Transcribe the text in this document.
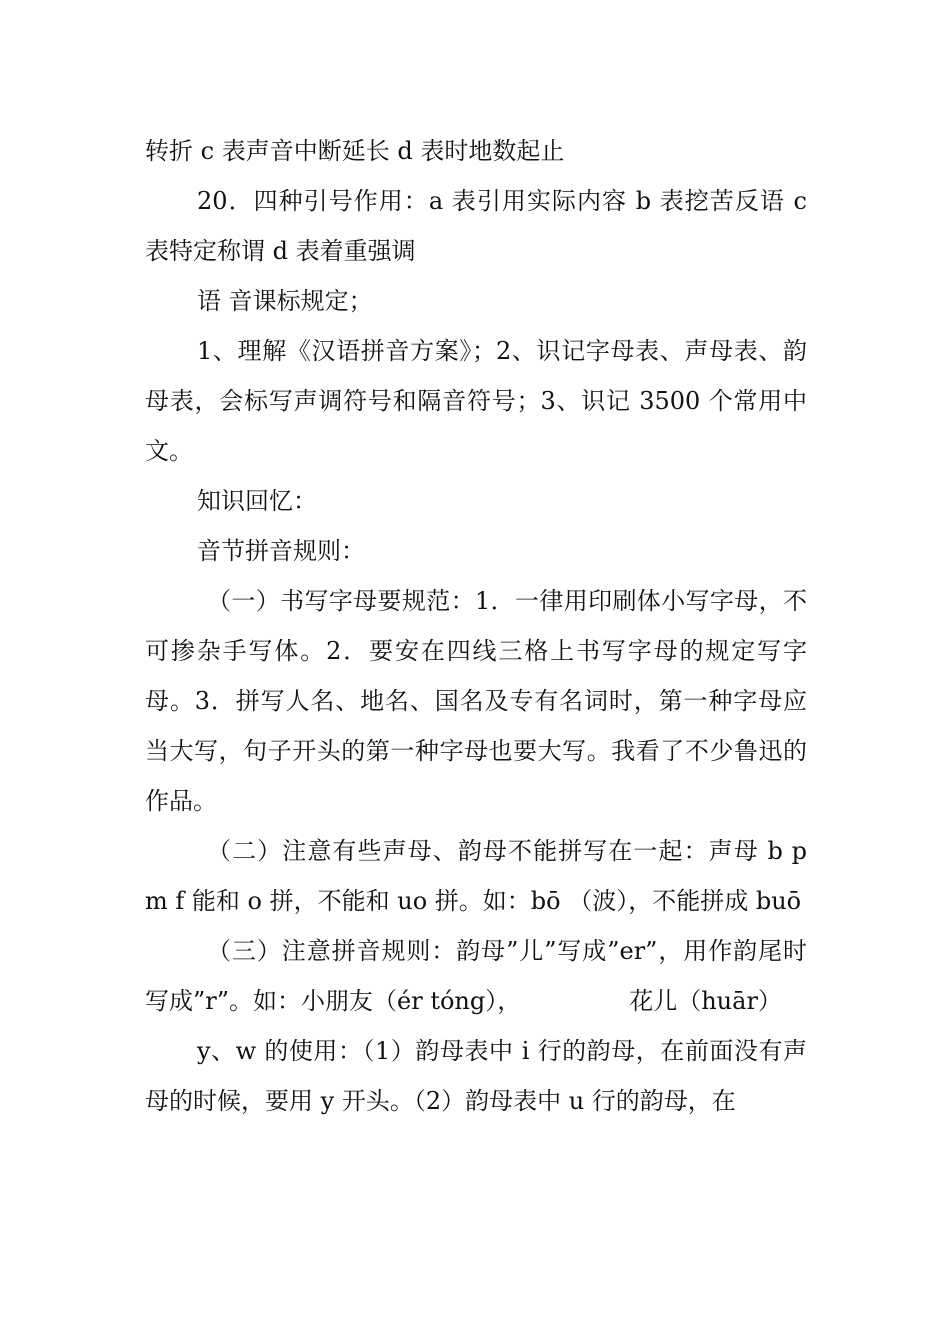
转折 c 表声音中断延长 d 表时地数起止

20．四种引号作用：a 表引用实际内容 b 表挖苦反语 c 表特定称谓 d 表着重强调

语 音课标规定；

1、理解《汉语拼音方案》；2、识记字母表、声母表、韵母表，会标写声调符号和隔音符号；3、识记 3500 个常用中文。

知识回忆：

音节拼音规则：

（一）书写字母要规范：1．一律用印刷体小写字母，不可掺杂手写体。2．要安在四线三格上书写字母的规定写字母。3．拼写人名、地名、国名及专有名词时，第一种字母应当大写，句子开头的第一种字母也要大写。我看了不少鲁迅的作品。

（二）注意有些声母、韵母不能拼写在一起：声母 b p m f 能和 o 拼，不能和 uo 拼。如：bō （波），不能拼成 buō

（三）注意拼音规则：韵母”儿”写成”er”，用作韵尾时写成”r”。如：小朋友（ér tóng），　　　　　花儿（huār）

y、w 的使用：（1）韵母表中 i 行的韵母，在前面没有声母的时候，要用 y 开头。（2）韵母表中 u 行的韵母，在
